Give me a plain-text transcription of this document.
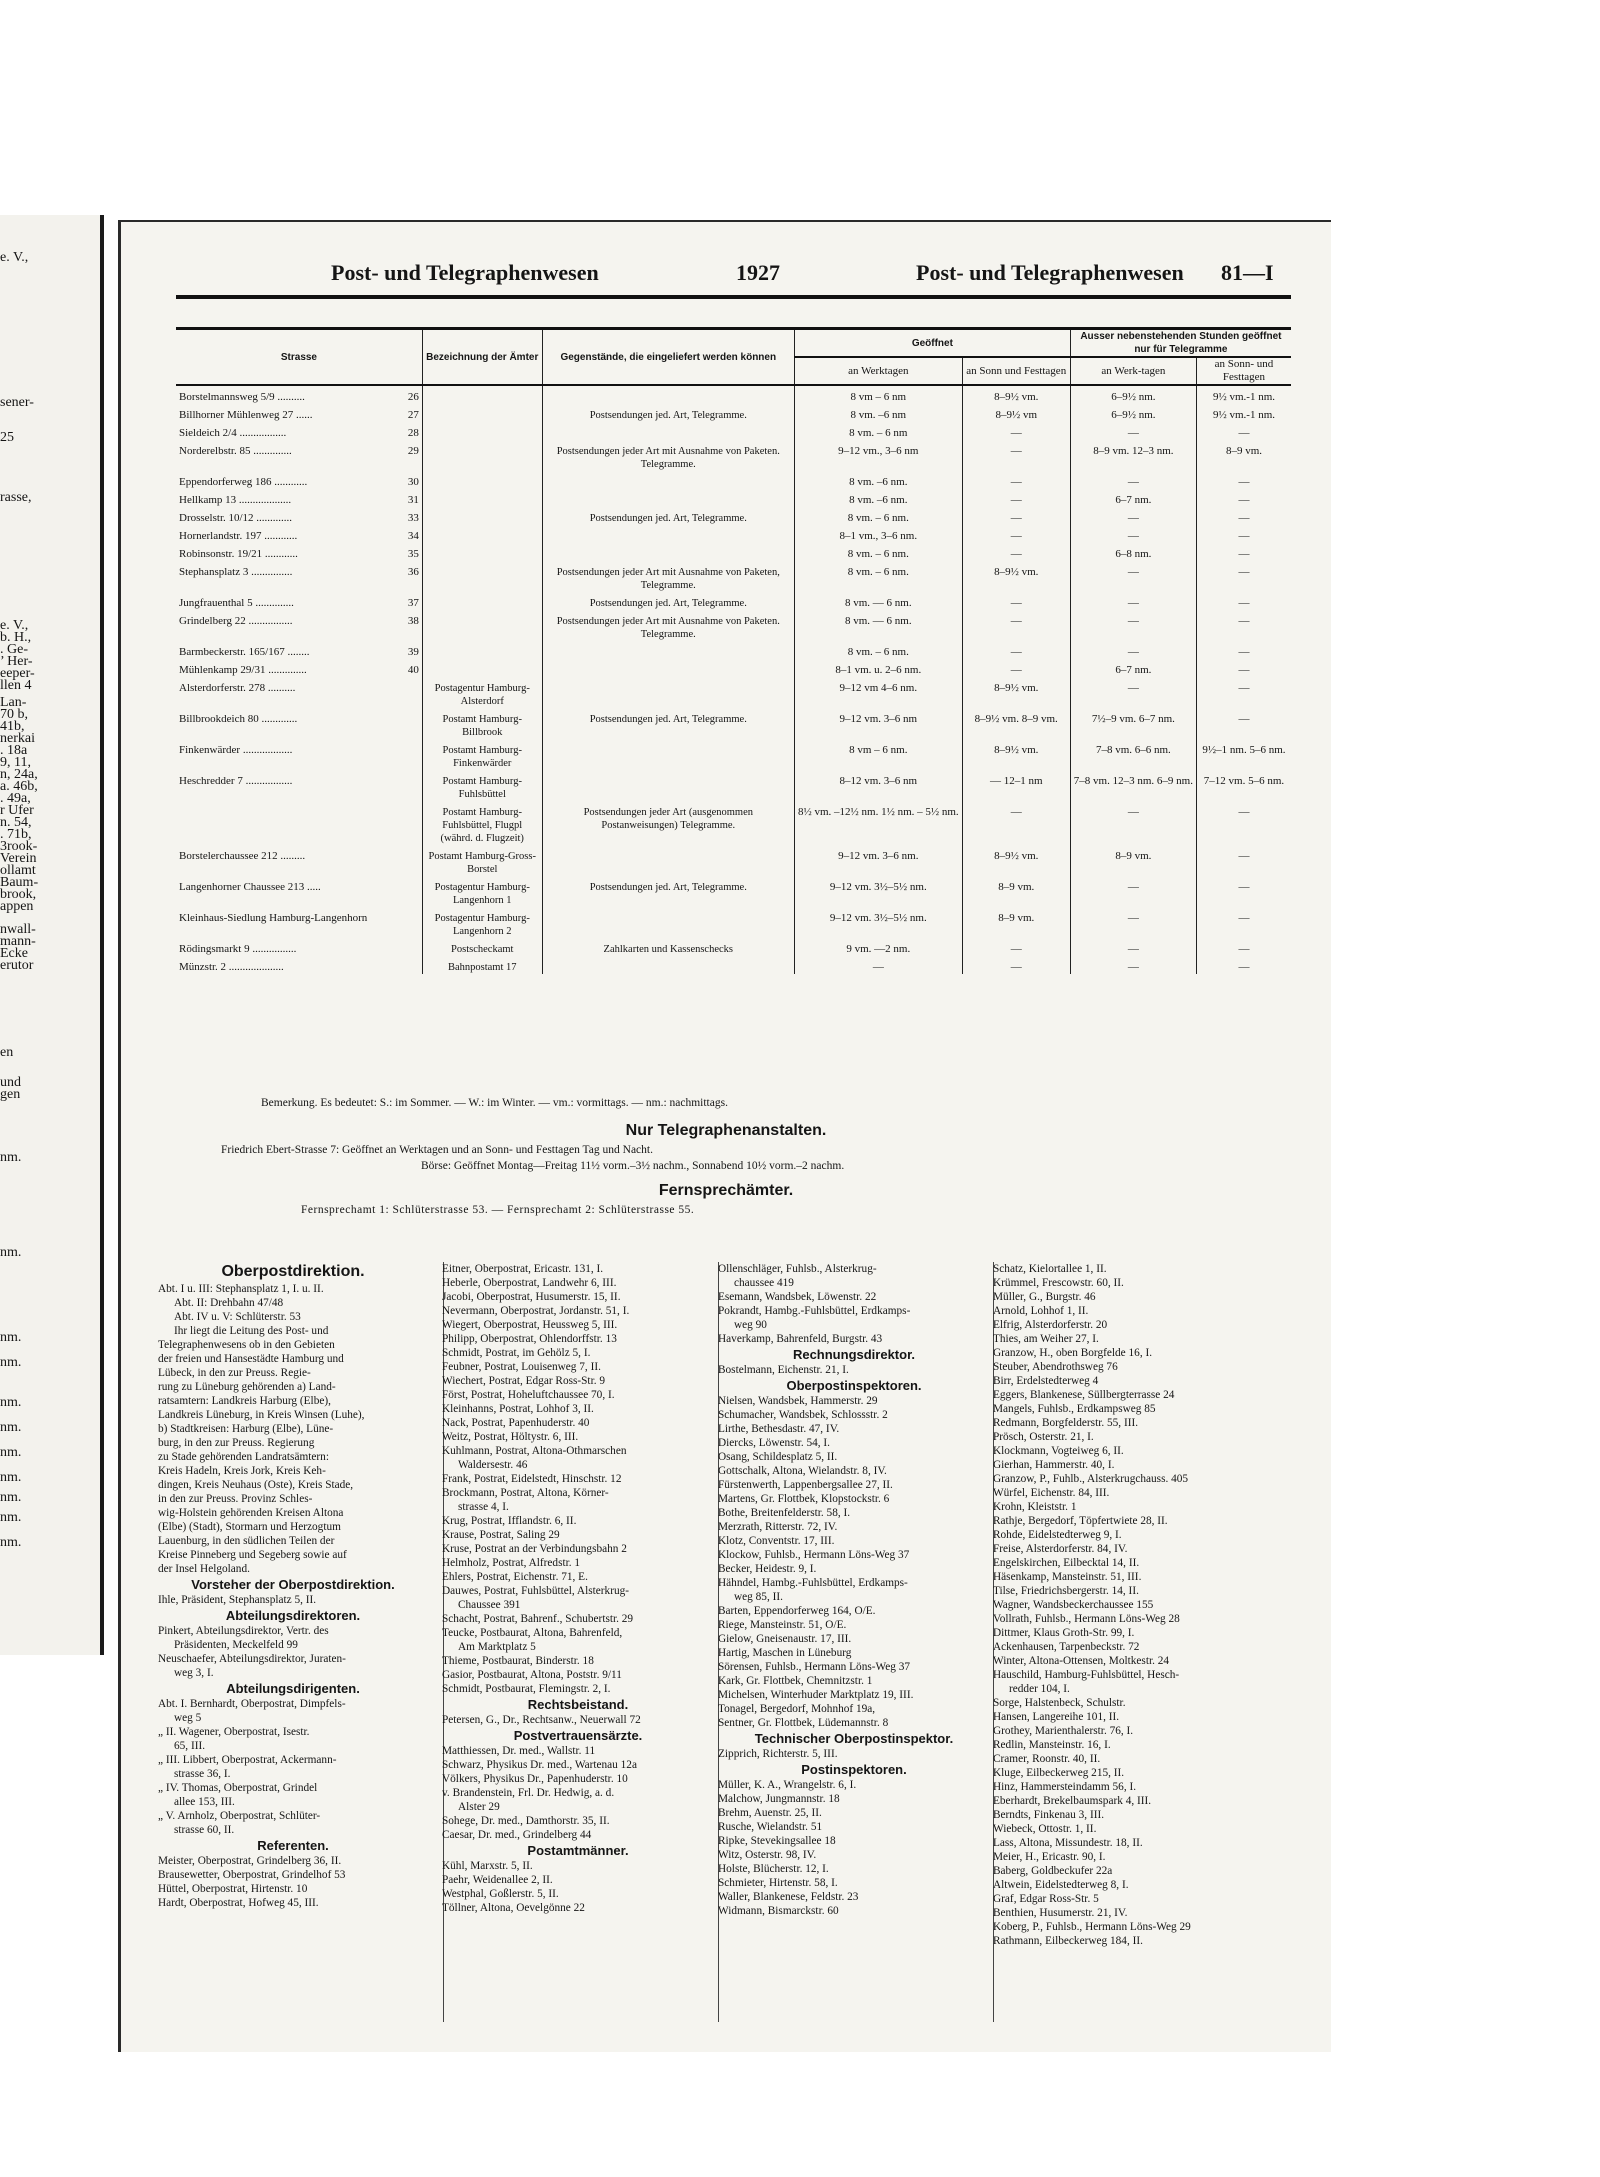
e. V.,
sener-
25
rasse,
e. V.,
b. H.,
. Ge-
’ Her-
eeper-
llen 4
Lan-
70 b,
41b,
nerkai
. 18a
9, 11,
n, 24a,
a. 46b,
. 49a,
r Ufer
n. 54,
. 71b,
3rook-
Verein
ollamt
Baum-
brook,
appen
nwall-
mann-
Ecke
erutor
en
und
gen
nm.
nm.
nm.
nm.
nm.
nm.
nm.
nm.
nm.
nm.
nm.
Post- und Telegraphenwesen	1927	Post- und Telegraphenwesen 81—I
Strasse		Bezeichnung der Ämter	Gegenstände, die eingeliefert werden können	Geöffnet		Ausser nebenstehenden Stunden geöffnet nur für Telegramme	
				an Werktagen	an Sonn und Festtagen	an Werk-tagen	an Sonn- und Festtagen
Borstelmannsweg 5/9 ..........	26			8 vm – 6 nm	8–9½ vm.	6–9½ nm.	9½ vm.-1 nm.
Billhorner Mühlenweg 27 ......	27		Postsendungen jed. Art, Telegramme.	8 vm. –6 nm	8–9½ vm	6–9½ nm.	9½ vm.-1 nm.
Sieldeich 2/4 .................	28			8 vm. – 6 nm	—	—	—
Norderelbstr. 85 ..............	29		Postsendungen jeder Art mit Ausnahme von Paketen. Telegramme.	9–12 vm., 3–6 nm	—	8–9 vm. 12–3 nm.	8–9 vm.
Eppendorferweg 186 ............	30			8 vm. –6 nm.	—	—	—
Hellkamp 13 ...................	31			8 vm. –6 nm.	—	6–7 nm.	—
Drosselstr. 10/12 .............	33		Postsendungen jed. Art, Telegramme.	8 vm. – 6 nm.	—	—	—
Hornerlandstr. 197 ............	34			8–1 vm., 3–6 nm.	—	—	—
Robinsonstr. 19/21 ............	35			8 vm. – 6 nm.	—	6–8 nm.	—
Stephansplatz 3 ...............	36		Postsendungen jeder Art mit Ausnahme von Paketen, Telegramme.	8 vm. – 6 nm.	8–9½ vm.	—	—
Jungfrauenthal 5 ..............	37		Postsendungen jed. Art, Telegramme.	8 vm. — 6 nm.	—	—	—
Grindelberg 22 ................	38		Postsendungen jeder Art mit Ausnahme von Paketen. Telegramme.	8 vm. — 6 nm.	—	—	—
Barmbeckerstr. 165/167 ........	39			8 vm. – 6 nm.	—	—	—
Mühlenkamp 29/31 ..............	40			8–1 vm. u. 2–6 nm.	—	6–7 nm.	—
Alsterdorferstr. 278 ..........		Postagentur Hamburg-Alsterdorf		9–12 vm 4–6 nm.	8–9½ vm.	—	—
Billbrookdeich 80 .............		Postamt Hamburg-Billbrook	Postsendungen jed. Art, Telegramme.	9–12 vm. 3–6 nm	8–9½ vm. 8–9 vm.	7½–9 vm. 6–7 nm.	—
Finkenwärder ..................		Postamt Hamburg-Finkenwärder		8 vm – 6 nm.	8–9½ vm.	7–8 vm. 6–6 nm.	9½–1 nm. 5–6 nm.
Heschredder 7 .................		Postamt Hamburg-Fuhlsbüttel		8–12 vm. 3–6 nm	— 12–1 nm	7–8 vm. 12–3 nm. 6–9 nm.	7–12 vm. 5–6 nm.
		Postamt Hamburg-Fuhlsbüttel, Flugpl (währd. d. Flugzeit)	Postsendungen jeder Art (ausgenommen Postanweisungen) Telegramme.	8½ vm. –12½ nm. 1½ nm. – 5½ nm.	—	—	—
Borstelerchaussee 212 .........		Postamt Hamburg-Gross-Borstel		9–12 vm. 3–6 nm.	8–9½ vm.	8–9 vm.	—
Langenhorner Chaussee 213 .....		Postagentur Hamburg-Langenhorn 1	Postsendungen jed. Art, Telegramme.	9–12 vm. 3½–5½ nm.	8–9 vm.	—	—
Kleinhaus-Siedlung Hamburg-Langenhorn		Postagentur Hamburg-Langenhorn 2		9–12 vm. 3½–5½ nm.	8–9 vm.	—	—
Rödingsmarkt 9 ................		Postscheckamt	Zahlkarten und Kassenschecks	9 vm. —2 nm.	—	—	—
Münzstr. 2 ....................		Bahnpostamt 17		—	—	—	—
Bemerkung. Es bedeutet: S.: im Sommer. — W.: im Winter. — vm.: vormittags. — nm.: nachmittags.
Nur Telegraphenanstalten.
Friedrich Ebert-Strasse 7: Geöffnet an Werktagen und an Sonn- und Festtagen Tag und Nacht.
Börse: Geöffnet Montag—Freitag 11½ vorm.–3½ nachm., Sonnabend 10½ vorm.–2 nachm.
Fernsprechämter.
Fernsprechamt 1: Schlüterstrasse 53. — Fernsprechamt 2: Schlüterstrasse 55.
Oberpostdirektion.
Abt. I u. III: Stephansplatz 1, I. u. II.
Abt. II: Drehbahn 47/48
Abt. IV u. V: Schlüterstr. 53
Ihr liegt die Leitung des Post- und
Telegraphenwesens ob in den Gebieten
der freien und Hansestädte Hamburg und
Lübeck, in den zur Preuss. Regie-
rung zu Lüneburg gehörenden a) Land-
ratsamtern: Landkreis Harburg (Elbe),
Landkreis Lüneburg, in Kreis Winsen (Luhe),
b) Stadtkreisen: Harburg (Elbe), Lüne-
burg, in den zur Preuss. Regierung
zu Stade gehörenden Landratsämtern:
Kreis Hadeln, Kreis Jork, Kreis Keh-
dingen, Kreis Neuhaus (Oste), Kreis Stade,
in den zur Preuss. Provinz Schles-
wig-Holstein gehörenden Kreisen Altona
(Elbe) (Stadt), Stormarn und Herzogtum
Lauenburg, in den südlichen Teilen der
Kreise Pinneberg und Segeberg sowie auf
der Insel Helgoland.
Vorsteher der Oberpostdirektion.
Ihle, Präsident, Stephansplatz 5, II.
Abteilungsdirektoren.
Pinkert, Abteilungsdirektor, Vertr. des
Präsidenten, Meckelfeld 99
Neuschaefer, Abteilungsdirektor, Juraten-
weg 3, I.
Abteilungsdirigenten.
Abt. I. Bernhardt, Oberpostrat, Dimpfels-
weg 5
„ II. Wagener, Oberpostrat, Isestr.
65, III.
„ III. Libbert, Oberpostrat, Ackermann-
strasse 36, I.
„ IV. Thomas, Oberpostrat, Grindel
allee 153, III.
„ V. Arnholz, Oberpostrat, Schlüter-
strasse 60, II.
Referenten.
Meister, Oberpostrat, Grindelberg 36, II.
Brausewetter, Oberpostrat, Grindelhof 53
Hüttel, Oberpostrat, Hirtenstr. 10
Hardt, Oberpostrat, Hofweg 45, III.
Eitner, Oberpostrat, Ericastr. 131, I.
Heberle, Oberpostrat, Landwehr 6, III.
Jacobi, Oberpostrat, Husumerstr. 15, II.
Nevermann, Oberpostrat, Jordanstr. 51, I.
Wiegert, Oberpostrat, Heussweg 5, III.
Philipp, Oberpostrat, Ohlendorffstr. 13
Schmidt, Postrat, im Gehölz 5, I.
Feubner, Postrat, Louisenweg 7, II.
Wiechert, Postrat, Edgar Ross-Str. 9
Först, Postrat, Hoheluftchaussee 70, I.
Kleinhanns, Postrat, Lohhof 3, II.
Nack, Postrat, Papenhuderstr. 40
Weitz, Postrat, Höltystr. 6, III.
Kuhlmann, Postrat, Altona-Othmarschen
Waldersestr. 46
Frank, Postrat, Eidelstedt, Hinschstr. 12
Brockmann, Postrat, Altona, Körner-
strasse 4, I.
Krug, Postrat, Ifflandstr. 6, II.
Krause, Postrat, Saling 29
Kruse, Postrat an der Verbindungsbahn 2
Helmholz, Postrat, Alfredstr. 1
Ehlers, Postrat, Eichenstr. 71, E.
Dauwes, Postrat, Fuhlsbüttel, Alsterkrug-
Chaussee 391
Schacht, Postrat, Bahrenf., Schubertstr. 29
Teucke, Postbaurat, Altona, Bahrenfeld,
Am Marktplatz 5
Thieme, Postbaurat, Binderstr. 18
Gasior, Postbaurat, Altona, Poststr. 9/11
Schmidt, Postbaurat, Flemingstr. 2, I.
Rechtsbeistand.
Petersen, G., Dr., Rechtsanw., Neuerwall 72
Postvertrauensärzte.
Matthiessen, Dr. med., Wallstr. 11
Schwarz, Physikus Dr. med., Wartenau 12a
Völkers, Physikus Dr., Papenhuderstr. 10
v. Brandenstein, Frl. Dr. Hedwig, a. d.
Alster 29
Sohege, Dr. med., Damthorstr. 35, II.
Caesar, Dr. med., Grindelberg 44
Postamtmänner.
Kühl, Marxstr. 5, II.
Paehr, Weidenallee 2, II.
Westphal, Goßlerstr. 5, II.
Töllner, Altona, Oevelgönne 22
Ollenschläger, Fuhlsb., Alsterkrug-
chaussee 419
Esemann, Wandsbek, Löwenstr. 22
Pokrandt, Hambg.-Fuhlsbüttel, Erdkamps-
weg 90
Haverkamp, Bahrenfeld, Burgstr. 43
Rechnungsdirektor.
Bostelmann, Eichenstr. 21, I.
Oberpostinspektoren.
Nielsen, Wandsbek, Hammerstr. 29
Schumacher, Wandsbek, Schlossstr. 2
Lirthe, Bethesdastr. 47, IV.
Diercks, Löwenstr. 54, I.
Osang, Schildesplatz 5, II.
Gottschalk, Altona, Wielandstr. 8, IV.
Fürstenwerth, Lappenbergsallee 27, II.
Martens, Gr. Flottbek, Klopstockstr. 6
Bothe, Breitenfelderstr. 58, I.
Merzrath, Ritterstr. 72, IV.
Klotz, Conventstr. 17, III.
Klockow, Fuhlsb., Hermann Löns-Weg 37
Becker, Heidestr. 9, I.
Hähndel, Hambg.-Fuhlsbüttel, Erdkamps-
weg 85, II.
Barten, Eppendorferweg 164, O/E.
Riege, Mansteinstr. 51, O/E.
Gielow, Gneisenaustr. 17, III.
Hartig, Maschen in Lüneburg
Sörensen, Fuhlsb., Hermann Löns-Weg 37
Kark, Gr. Flottbek, Chemnitzstr. 1
Michelsen, Winterhuder Marktplatz 19, III.
Tonagel, Bergedorf, Mohnhof 19a,
Sentner, Gr. Flottbek, Lüdemannstr. 8
Technischer Oberpostinspektor.
Zipprich, Richterstr. 5, III.
Postinspektoren.
Müller, K. A., Wrangelstr. 6, I.
Malchow, Jungmannstr. 18
Brehm, Auenstr. 25, II.
Rusche, Wielandstr. 51
Ripke, Stevekingsallee 18
Witz, Osterstr. 98, IV.
Holste, Blücherstr. 12, I.
Schmieter, Hirtenstr. 58, I.
Waller, Blankenese, Feldstr. 23
Widmann, Bismarckstr. 60
Schatz, Kielortallee 1, II.
Krümmel, Frescowstr. 60, II.
Müller, G., Burgstr. 46
Arnold, Lohhof 1, II.
Elfrig, Alsterdorferstr. 20
Thies, am Weiher 27, I.
Granzow, H., oben Borgfelde 16, I.
Steuber, Abendrothsweg 76
Birr, Erdelstedterweg 4
Eggers, Blankenese, Süllbergterrasse 24
Mangels, Fuhlsb., Erdkampsweg 85
Redmann, Borgfelderstr. 55, III.
Prösch, Osterstr. 21, I.
Klockmann, Vogteiweg 6, II.
Gierhan, Hammerstr. 40, I.
Granzow, P., Fuhlb., Alsterkrugchauss. 405
Würfel, Eichenstr. 84, III.
Krohn, Kleiststr. 1
Rathje, Bergedorf, Töpfertwiete 28, II.
Rohde, Eidelstedterweg 9, I.
Freise, Alsterdorferstr. 84, IV.
Engelskirchen, Eilbecktal 14, II.
Häsenkamp, Mansteinstr. 51, III.
Tilse, Friedrichsbergerstr. 14, II.
Wagner, Wandsbeckerchaussee 155
Vollrath, Fuhlsb., Hermann Löns-Weg 28
Dittmer, Klaus Groth-Str. 99, I.
Ackenhausen, Tarpenbeckstr. 72
Winter, Altona-Ottensen, Moltkestr. 24
Hauschild, Hamburg-Fuhlsbüttel, Hesch-
redder 104, I.
Sorge, Halstenbeck, Schulstr.
Hansen, Langereihe 101, II.
Grothey, Marienthalerstr. 76, I.
Redlin, Mansteinstr. 16, I.
Cramer, Roonstr. 40, II.
Kluge, Eilbeckerweg 215, II.
Hinz, Hammersteindamm 56, I.
Eberhardt, Brekelbaumspark 4, III.
Berndts, Finkenau 3, III.
Wiebeck, Ottostr. 1, II.
Lass, Altona, Missundestr. 18, II.
Meier, H., Ericastr. 90, I.
Baberg, Goldbeckufer 22a
Altwein, Eidelstedterweg 8, I.
Graf, Edgar Ross-Str. 5
Benthien, Husumerstr. 21, IV.
Koberg, P., Fuhlsb., Hermann Löns-Weg 29
Rathmann, Eilbeckerweg 184, II.
